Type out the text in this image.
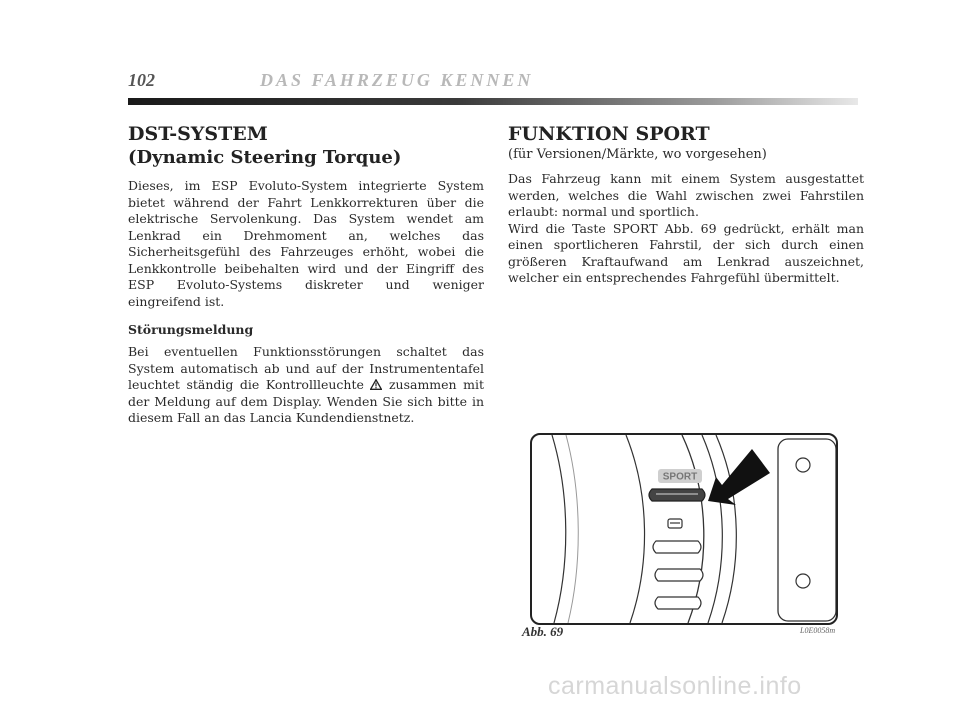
102	DAS FAHRZEUG KENNEN
DST-SYSTEM
(Dynamic Steering Torque)

Dieses, im ESP Evoluto-System integrierte System bietet während der Fahrt Lenkkorrekturen über die elektrische Servolenkung. Das System wendet am Lenkrad ein Drehmoment an, welches das Sicherheitsgefühl des Fahrzeuges erhöht, wobei die Lenkkontrolle beibehalten wird und der Eingriff des ESP Evoluto-Systems diskreter und weniger eingreifend ist.

Störungsmeldung

Bei eventuellen Funktionsstörungen schaltet das System automatisch ab und auf der Instrumententafel leuchtet ständig die Kontrollleuchte zusammen mit der Meldung auf dem Display. Wenden Sie sich bitte in diesem Fall an das Lancia Kundendienstnetz.

FUNKTION SPORT
(für Versionen/Märkte, wo vorgesehen)

Das Fahrzeug kann mit einem System ausgestattet werden, welches die Wahl zwischen zwei Fahrstilen erlaubt: normal und sportlich.

Wird die Taste SPORT Abb. 69 gedrückt, erhält man einen sportlicheren Fahrstil, der sich durch einen größeren Kraftaufwand am Lenkrad auszeichnet, welcher ein entsprechendes Fahrgefühl übermittelt.

SPORT
Abb. 69	L0E0058m
carmanualsonline.info
